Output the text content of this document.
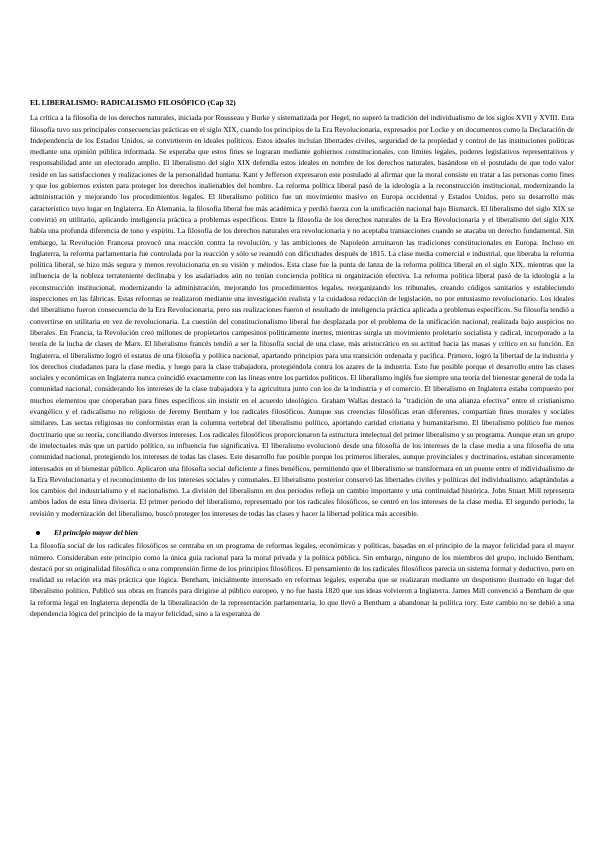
EL LIBERALISMO: RADICALISMO FILOSÓFICO (Cap 32)

La crítica a la filosofía de los derechos naturales, iniciada por Rousseau y Burke y sistematizada por Hegel, no superó la tradición del individualismo de los siglos XVII y XVIII. Esta filosofía tuvo sus principales consecuencias prácticas en el siglo XIX, cuando los principios de la Era Revolucionaria, expresados por Locke y en documentos como la Declaración de Independencia de los Estados Unidos, se convirtieron en ideales políticos. Estos ideales incluían libertades civiles, seguridad de la propiedad y control de las instituciones políticas mediante una opinión pública informada. Se esperaba que estos fines se lograran mediante gobiernos constitucionales, con límites legales, poderes legislativos representativos y responsabilidad ante un electorado amplio. El liberalismo del siglo XIX defendía estos ideales en nombre de los derechos naturales, basándose en el postulado de que todo valor reside en las satisfacciones y realizaciones de la personalidad humana. Kant y Jefferson expresaron este postulado al afirmar que la moral consiste en tratar a las personas como fines y que los gobiernos existen para proteger los derechos inalienables del hombre. La reforma política liberal pasó de la ideología a la reconstrucción institucional, modernizando la administración y mejorando los procedimientos legales. El liberalismo político fue un movimiento masivo en Europa occidental y Estados Unidos, pero su desarrollo más característico tuvo lugar en Inglaterra. En Alemania, la filosofía liberal fue más académica y perdió fuerza con la unificación nacional bajo Bismarck. El liberalismo del siglo XIX se convirtió en utilitario, aplicando inteligencia práctica a problemas específicos. Entre la filosofía de los derechos naturales de la Era Revolucionaria y el liberalismo del siglo XIX había una profunda diferencia de tono y espíritu. La filosofía de los derechos naturales era revolucionaria y no aceptaba transacciones cuando se atacaba un derecho fundamental. Sin embargo, la Revolución Francesa provocó una reacción contra la revolución, y las ambiciones de Napoleón arruinaron las tradiciones constitucionales en Europa. Incluso en Inglaterra, la reforma parlamentaria fue controlada por la reacción y sólo se reanudó con dificultades después de 1815. La clase media comercial e industrial, que liberaba la reforma política liberal, se hizo más segura y menos revolucionaria en su visión y métodos. Esta clase fue la punta de lanza de la reforma política liberal en el siglo XIX, mientras que la influencia de la nobleza terrateniente declinaba y los asalariados aún no tenían conciencia política ni organización efectiva. La reforma política liberal pasó de la ideología a la reconstrucción institucional, modernizando la administración, mejorando los procedimientos legales, reorganizando los tribunales, creando códigos sanitarios y estableciendo inspecciones en las fábricas. Estas reformas se realizaron mediante una investigación realista y la cuidadosa redacción de legislación, no por entusiasmo revolucionario. Los ideales del liberalismo fueron consecuencia de la Era Revolucionaria, pero sus realizaciones fueron el resultado de inteligencia práctica aplicada a problemas específicos. Su filosofía tendió a convertirse en utilitaria en vez de revolucionaria. La cuestión del constitucionalismo liberal fue desplazada por el problema de la unificación nacional, realizada bajo auspicios no liberales. En Francia, la Revolución creó millones de propietarios campesinos políticamente inertes, mientras surgía un movimiento proletario socialista y radical, incorporado a la teoría de la lucha de clases de Marx. El liberalismo francés tendió a ser la filosofía social de una clase, más aristocrático en su actitud hacia las masas y crítico en su función. En Inglaterra, el liberalismo logró el estatus de una filosofía y política nacional, apartando principios para una transición ordenada y pacífica. Primero, logró la libertad de la industria y los derechos ciudadanos para la clase media, y luego para la clase trabajadora, protegiéndola contra los azares de la industria. Esto fue posible porque el desarrollo entre las clases sociales y económicas en Inglaterra nunca coincidió exactamente con las líneas entre los partidos políticos. El liberalismo inglés fue siempre una teoría del bienestar general de toda la comunidad nacional, considerando los intereses de la clase trabajadora y la agricultura junto con los de la industria y el comercio. El liberalismo en Inglaterra estaba compuesto por muchos elementos que cooperaban para fines específicos sin insistir en el acuerdo ideológico. Graham Wallas destacó la "tradición de una alianza efectiva" entre el cristianismo evangélico y el radicalismo no religioso de Jeremy Bentham y los radicales filosóficos. Aunque sus creencias filosóficas eran diferentes, compartían fines morales y sociales similares. Las sectas religiosas no conformistas eran la columna vertebral del liberalismo político, aportando caridad cristiana y humanitarismo. El liberalismo político fue menos doctrinario que su teoría, conciliando diversos intereses. Los radicales filosóficos proporcionaron la estructura intelectual del primer liberalismo y su programa. Aunque eran un grupo de intelectuales más que un partido político, su influencia fue significativa. El liberalismo evolucionó desde una filosofía de los intereses de la clase media a una filosofía de una comunidad nacional, protegiendo los intereses de todas las clases. Este desarrollo fue posible porque los primeros liberales, aunque provinciales y doctrinarios, estaban sinceramente interesados en el bienestar público. Aplicaron una filosofía social deficiente a fines benéficos, permitiendo que el liberalismo se transformara en un puente entre el individualismo de la Era Revolucionaria y el reconocimiento de los intereses sociales y comunales. El liberalismo posterior conservó las libertades civiles y políticas del individualismo, adaptándolas a los cambios del industrialismo y el nacionalismo. La división del liberalismo en dos periodos refleja un cambio importante y una continuidad histórica. John Stuart Mill representa ambos lados de esta línea divisoria. El primer periodo del liberalismo, representado por los radicales filosóficos, se centró en los intereses de la clase media. El segundo periodo, la revisión y modernización del liberalismo, buscó proteger los intereses de todas las clases y hacer la libertad política más accesible.

El principio mayor del bien

La filosofía social de los radicales filosóficos se centraba en un programa de reformas legales, económicas y políticas, basadas en el principio de la mayor felicidad para el mayor número. Consideraban este principio como la única guía racional para la moral privada y la política pública. Sin embargo, ninguno de los miembros del grupo, incluido Bentham, destacó por su originalidad filosófica o una comprensión firme de los principios filosóficos. El pensamiento de los radicales filosóficos parecía un sistema formal y deductivo, pero en realidad su relación era más práctica que lógica. Bentham, inicialmente interesado en reformas legales, esperaba que se realizaran mediante un despotismo ilustrado en lugar del liberalismo político. Publicó sus obras en francés para dirigirse al público europeo, y no fue hasta 1820 que sus ideas volvieron a Inglaterra. James Mill convenció a Bentham de que la reforma legal en Inglaterra dependía de la liberalización de la representación parlamentaria, lo que llevó a Bentham a abandonar la política tory. Este cambio no se debió a una dependencia lógica del principio de la mayor felicidad, sino a la esperanza de
